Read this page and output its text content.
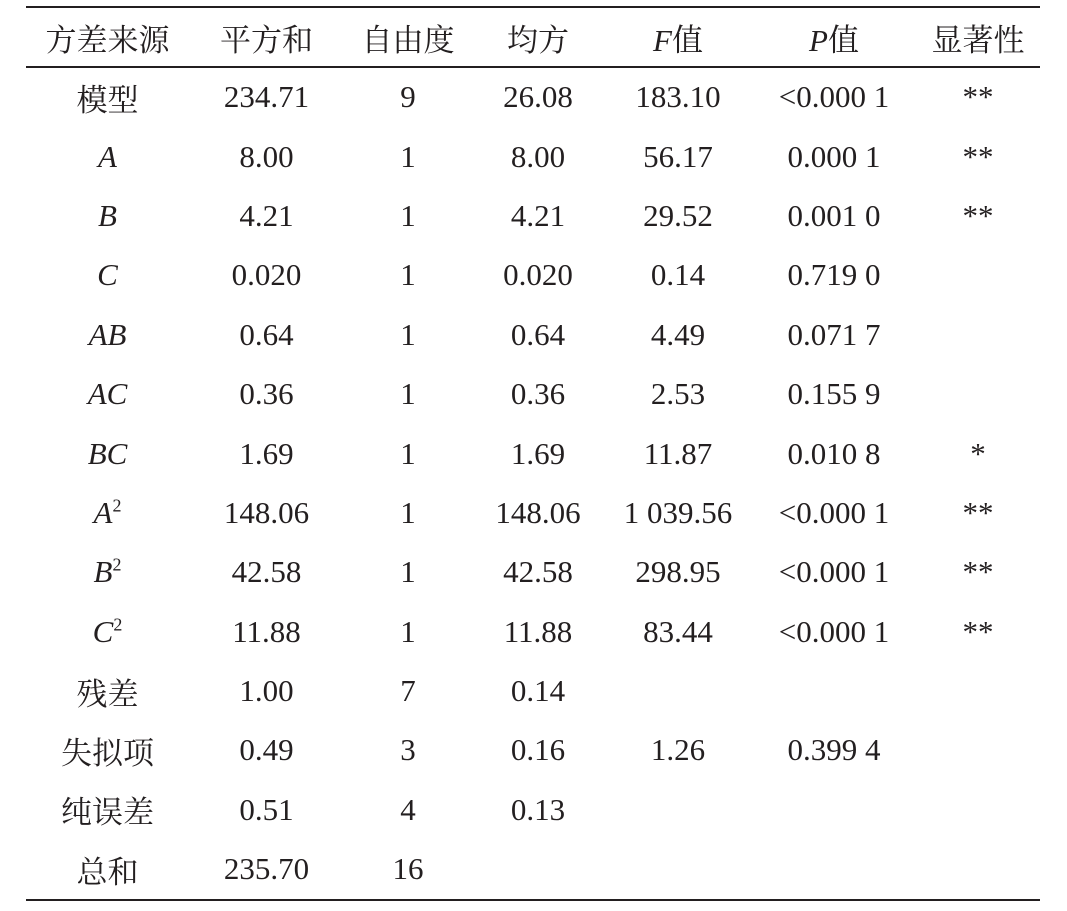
方差来源	平方和	自由度	均方	F值	P值	显著性
模型	234.71	9	26.08	183.10	<0.000 1	**
A	8.00	1	8.00	56.17	0.000 1	**
B	4.21	1	4.21	29.52	0.001 0	**
C	0.020	1	0.020	0.14	0.719 0	
AB	0.64	1	0.64	4.49	0.071 7	
AC	0.36	1	0.36	2.53	0.155 9	
BC	1.69	1	1.69	11.87	0.010 8	*
$A^2$	148.06	1	148.06	1 039.56	<0.000 1	**
$B^2$	42.58	1	42.58	298.95	<0.000 1	**
$C^2$	11.88	1	11.88	83.44	<0.000 1	**
残差	1.00	7	0.14			
失拟项	0.49	3	0.16	1.26	0.399 4	
纯误差	0.51	4	0.13			
总和	235.70	16				
